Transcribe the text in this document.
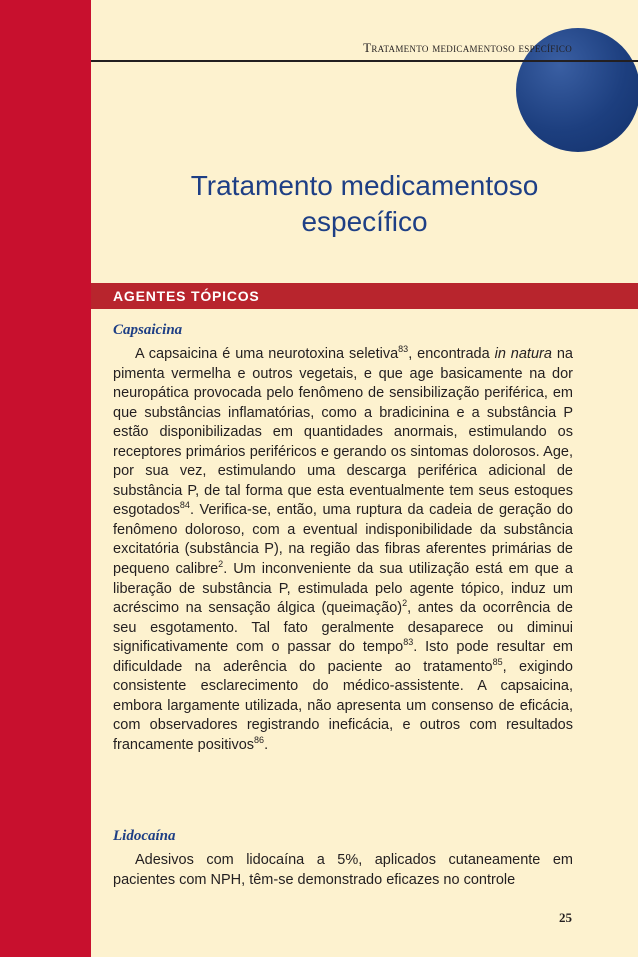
Tratamento medicamentoso específico
Tratamento medicamentoso
específico
AGENTES TÓPICOS
Capsaicina

A capsaicina é uma neurotoxina seletiva$^{83}$, encontrada in natura na pimenta vermelha e outros vegetais, e que age basicamente na dor neuropática provocada pelo fenômeno de sensibilização periférica, em que substâncias inflamatórias, como a bradicinina e a substância P estão disponibilizadas em quantidades anormais, estimulando os receptores primários periféricos e gerando os sintomas dolorosos. Age, por sua vez, estimulando uma descarga periférica adicional de substância P, de tal forma que esta eventualmente tem seus estoques esgotados$^{84}$. Verifica-se, então, uma ruptura da cadeia de geração do fenômeno doloroso, com a eventual indisponibilidade da substância excitatória (substância P), na região das fibras aferentes primárias de pequeno calibre$^2$. Um inconveniente da sua utilização está em que a liberação de substância P, estimulada pelo agente tópico, induz um acréscimo na sensação álgica (queimação)$^2$, antes da ocorrência de seu esgotamento. Tal fato geralmente desaparece ou diminui significativamente com o passar do tempo$^{83}$. Isto pode resultar em dificuldade na aderência do paciente ao tratamento$^{85}$, exigindo consistente esclarecimento do médico-assistente. A capsaicina, embora largamente utilizada, não apresenta um consenso de eficácia, com observadores registrando ineficácia, e outros com resultados francamente positivos$^{86}$.

Lidocaína

Adesivos com lidocaína a 5%, aplicados cutaneamente em pacientes com NPH, têm-se demonstrado eficazes no controle

25
